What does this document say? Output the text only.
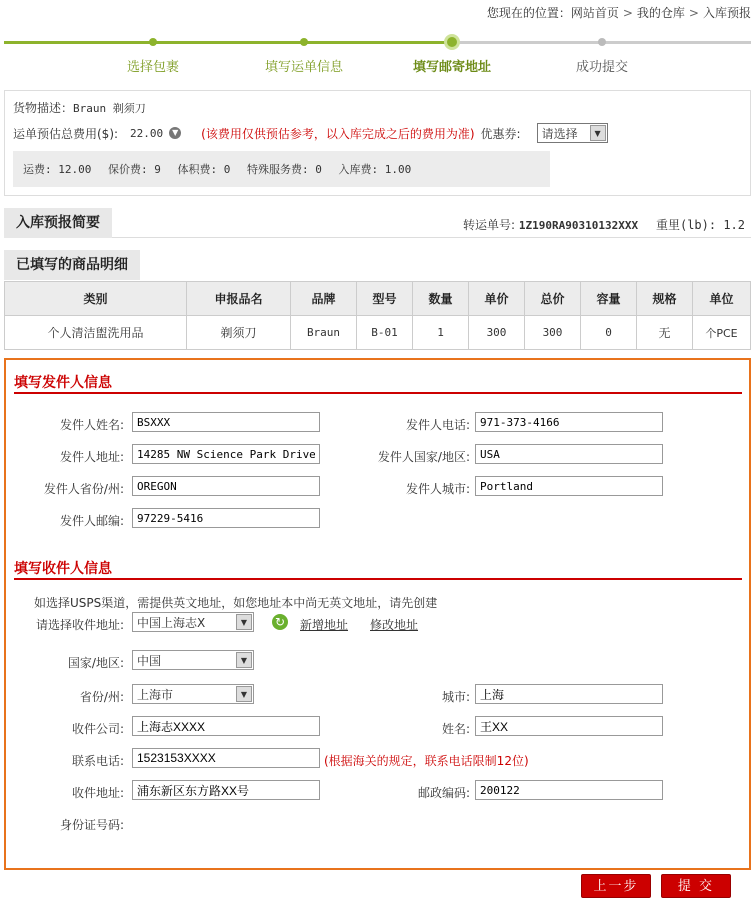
您现在的位置：网站首页 > 我的仓库 > 入库预报
选择包裹	填写运单信息	填写邮寄地址	成功提交
货物描述：Braun 剃须刀
运单预估总费用($): 22.00	▼ (该费用仅供预估参考，以入库完成之后的费用为准) 优惠券: 请选择	▼
运费: 12.00 保价费: 9 体积费: 0 特殊服务费: 0 入库费: 1.00
入库预报简要	转运单号: 1Z190RA90310132XXX 重里(lb): 1.2
已填写的商品明细
类别	申报品名	品牌	型号	数量	单价	总价	容量	规格	单位
个人清洁盥洗用品	剃须刀	Braun	B-01	1	300	300	0	无	个PCE
填写发件人信息
发件人姓名:
BSXXX	发件人电话:
971-373-4166
发件人地址:
14285 NW Science Park Drive	发件人国家/地区:
USA
发件人省份/州:
OREGON	发件人城市:
Portland
发件人邮编:
97229-5416
填写收件人信息
如选择USPS渠道，需提供英文地址，如您地址本中尚无英文地址，请先创建
请选择收件地址: 中国上海志X	▼	↻ 新增地址 修改地址
国家/地区: 中国	▼
省份/州: 上海市	▼	城市:
上海
收件公司:
上海志XXXX	姓名:
王XX
联系电话:
1523153XXXX	(根据海关的规定，联系电话限制12位)
收件地址:
浦东新区东方路XX号	邮政编码:
200122
身份证号码:
上一步	提 交
